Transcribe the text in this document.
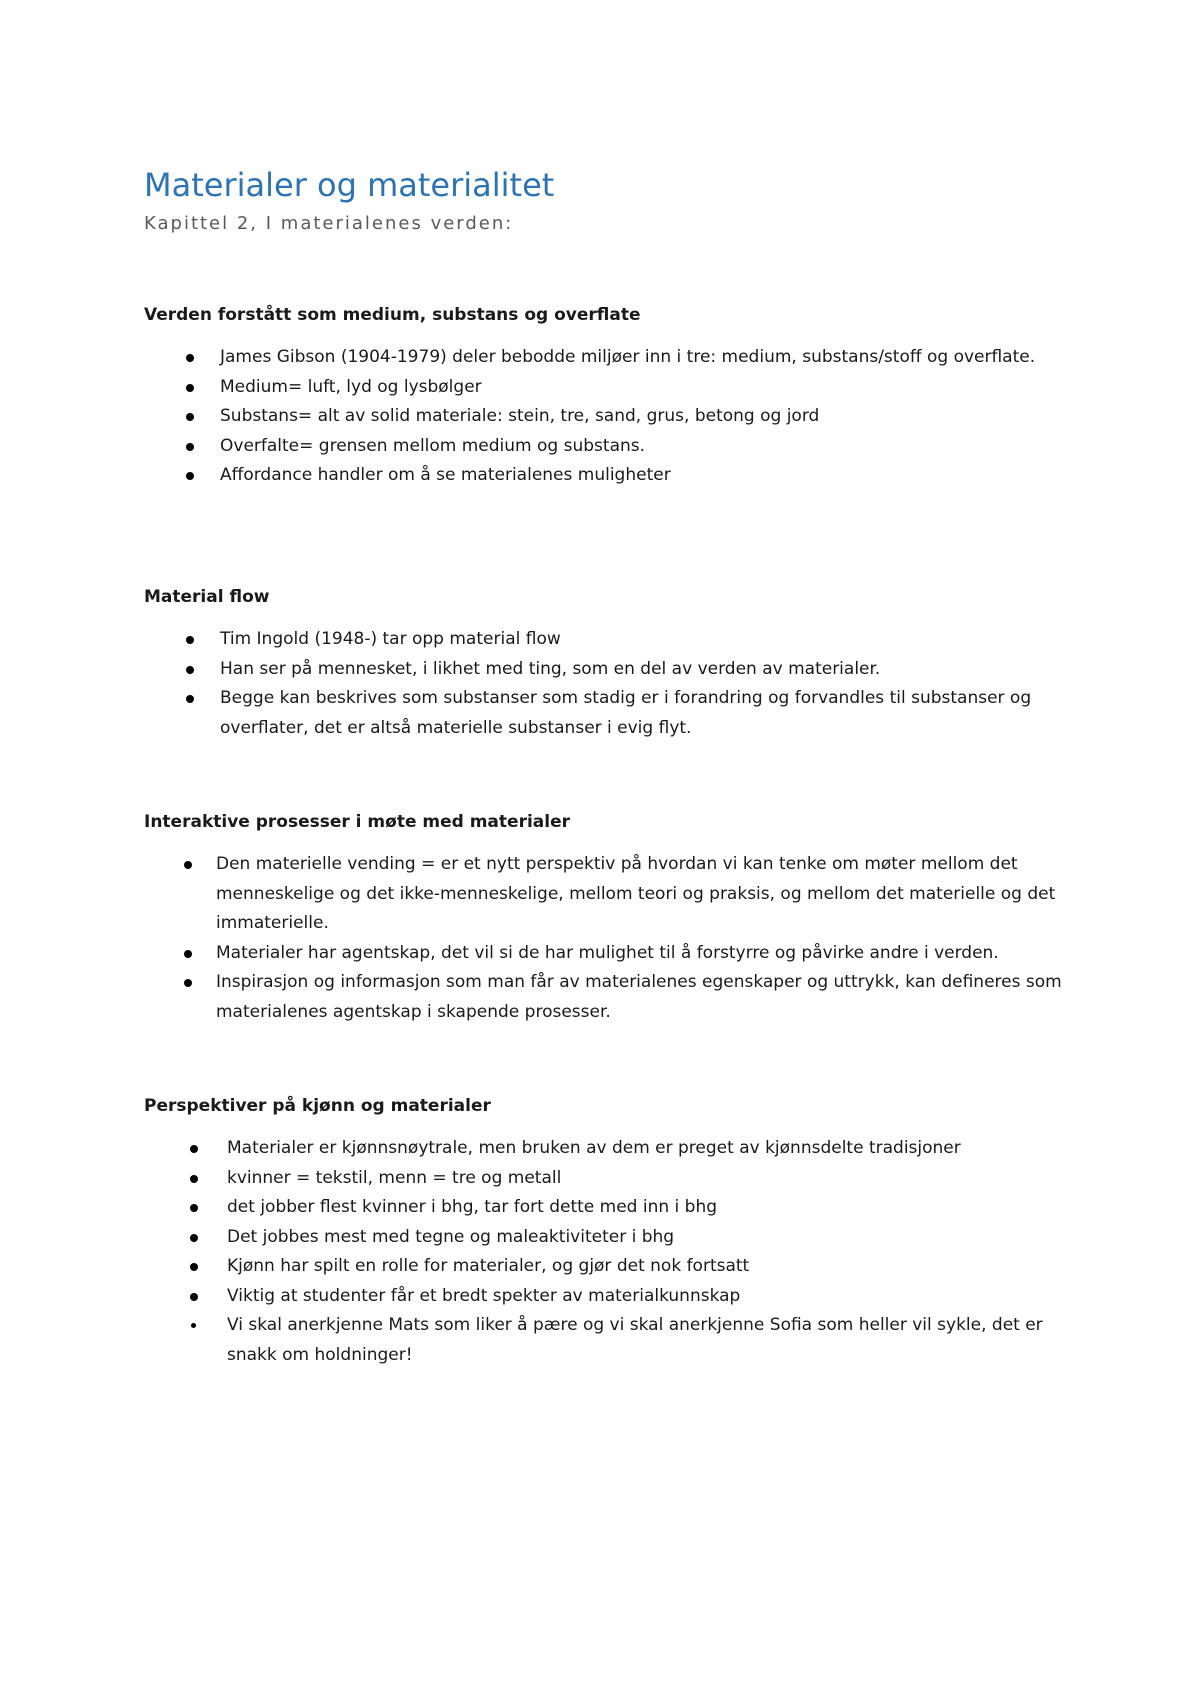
Materialer og materialitet

Kapittel 2, I materialenes verden:

Verden forstått som medium, substans og overflate
James Gibson (1904-1979) deler bebodde miljøer inn i tre: medium, substans/stoff og overflate.
Medium= luft, lyd og lysbølger
Substans= alt av solid materiale: stein, tre, sand, grus, betong og jord
Overfalte= grensen mellom medium og substans.
Affordance handler om å se materialenes muligheter
Material flow
Tim Ingold (1948-) tar opp material flow
Han ser på mennesket, i likhet med ting, som en del av verden av materialer.
Begge kan beskrives som substanser som stadig er i forandring og forvandles til substanser og overflater, det er altså materielle substanser i evig flyt.
Interaktive prosesser i møte med materialer
Den materielle vending = er et nytt perspektiv på hvordan vi kan tenke om møter mellom det menneskelige og det ikke-menneskelige, mellom teori og praksis, og mellom det materielle og det immaterielle.
Materialer har agentskap, det vil si de har mulighet til å forstyrre og påvirke andre i verden.
Inspirasjon og informasjon som man får av materialenes egenskaper og uttrykk, kan defineres som materialenes agentskap i skapende prosesser.
Perspektiver på kjønn og materialer
Materialer er kjønnsnøytrale, men bruken av dem er preget av kjønnsdelte tradisjoner
kvinner = tekstil, menn = tre og metall
det jobber flest kvinner i bhg, tar fort dette med inn i bhg
Det jobbes mest med tegne og maleaktiviteter i bhg
Kjønn har spilt en rolle for materialer, og gjør det nok fortsatt
Viktig at studenter får et bredt spekter av materialkunnskap
Vi skal anerkjenne Mats som liker å pære og vi skal anerkjenne Sofia som heller vil sykle, det er snakk om holdninger!
